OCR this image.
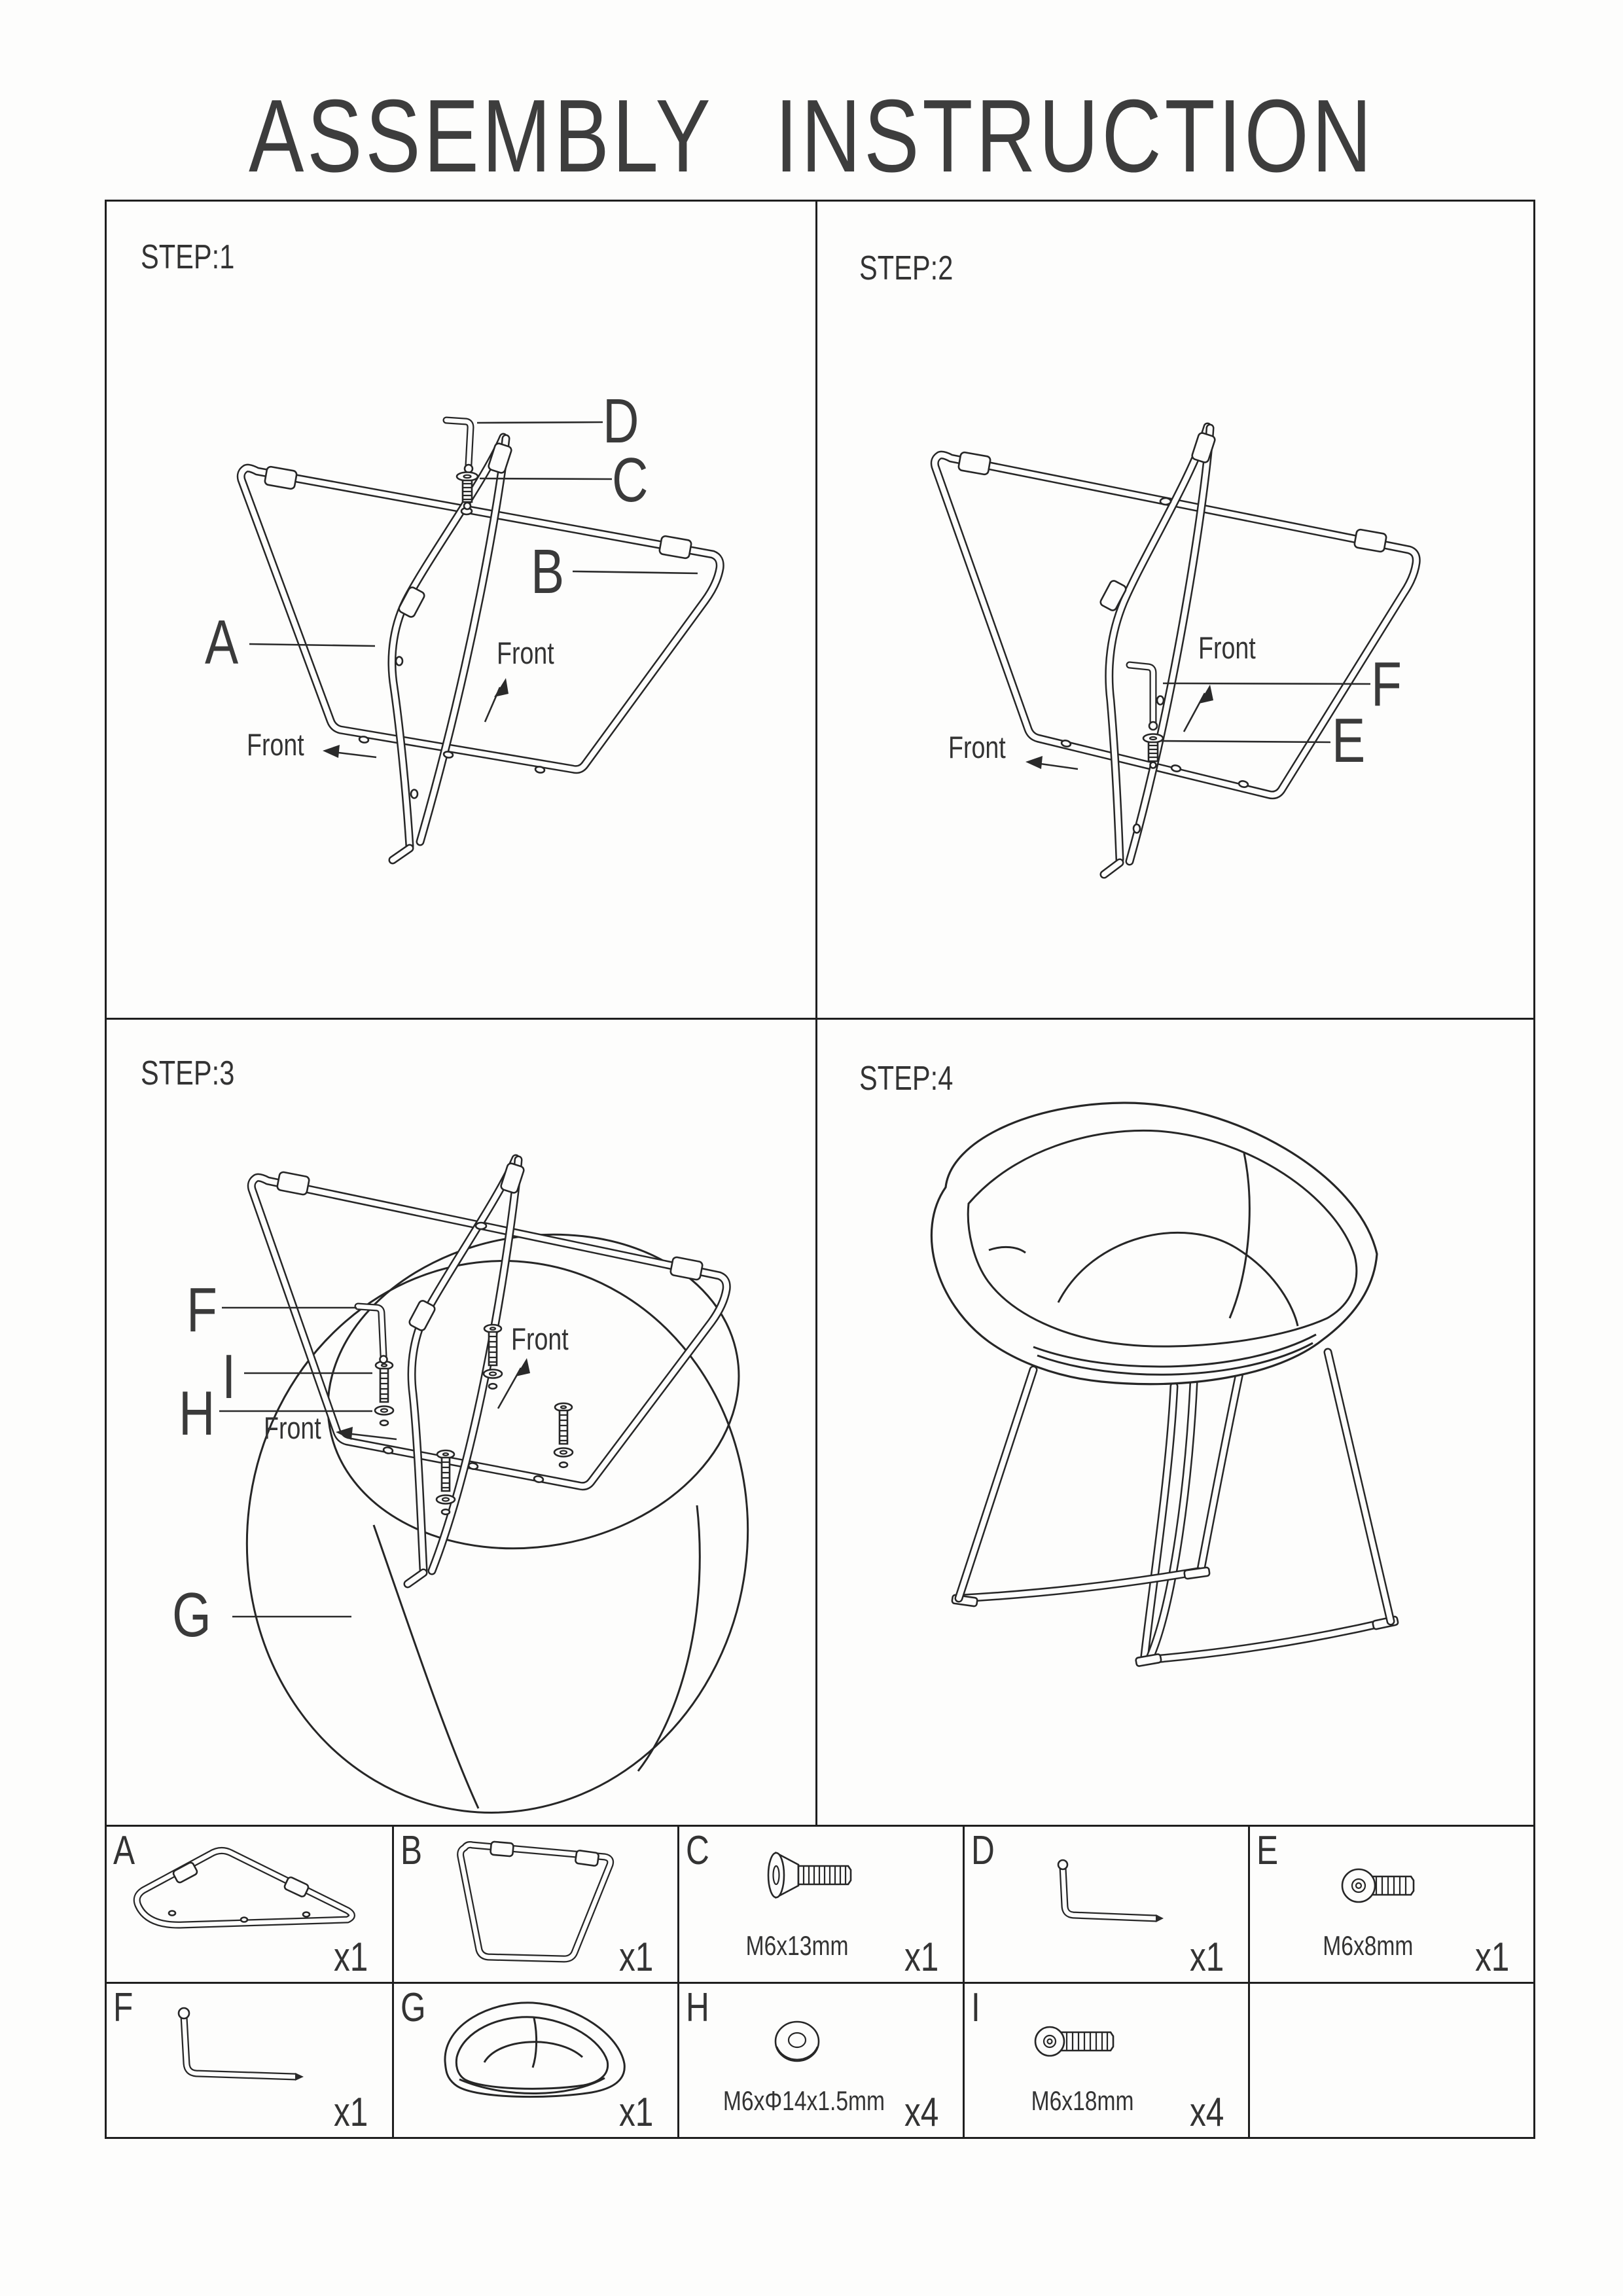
ASSEMBLY INSTRUCTION
STEP:1
D
C
B
A	Front
Front
STEP:2
F
E
Front
Front
STEP:3
F
I
H
G
Front
Front
STEP:4
A
x1
B
x1
C
M6x13mm	x1
D
x1
E
M6x8mm	x1
F
x1
G
x1
H
M6xΦ14x1.5mm x4
I
M6x18mm	x4
